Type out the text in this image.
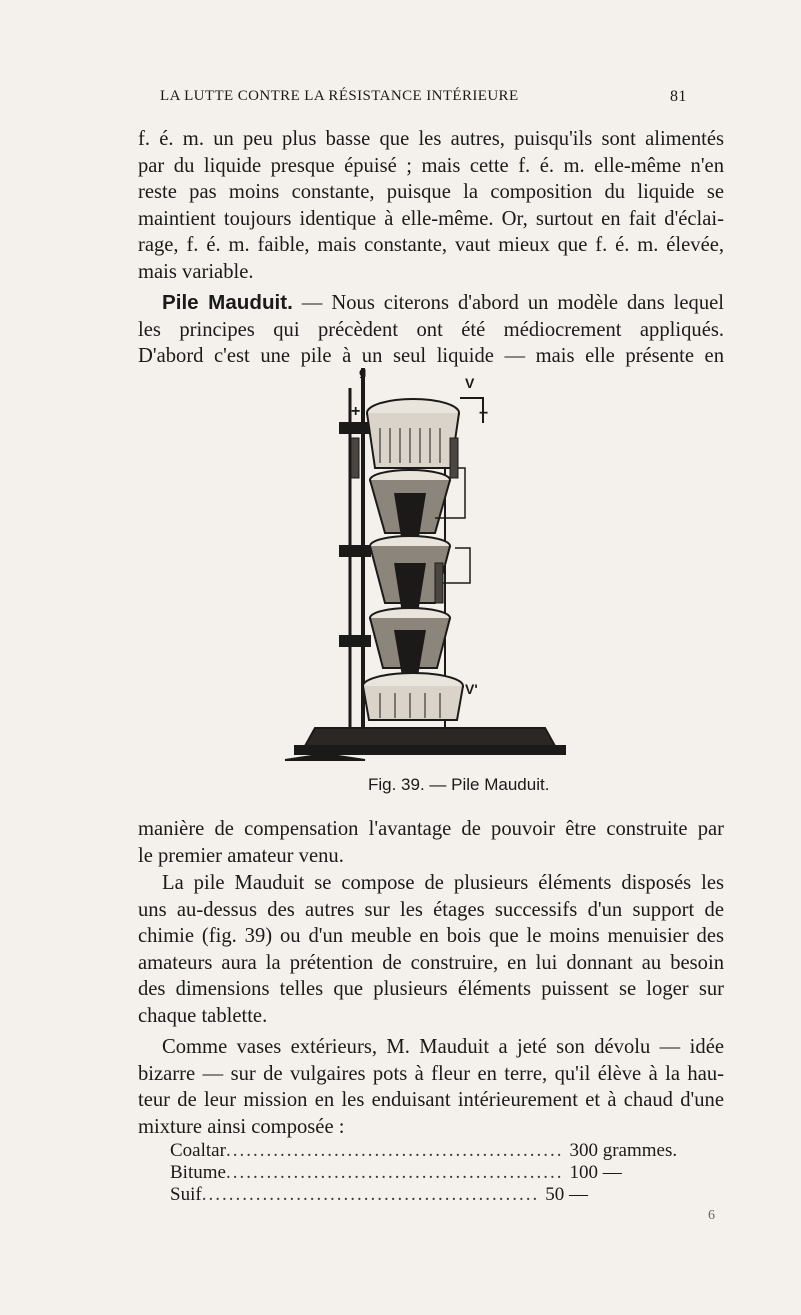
LA LUTTE CONTRE LA RÉSISTANCE INTÉRIEURE	81
f. é. m. un peu plus basse que les autres, puisqu'ils sont alimentés
par du liquide presque épuisé ; mais cette f. é. m. elle-même n'en
reste pas moins constante, puisque la composition du liquide se
maintient toujours identique à elle-même. Or, surtout en fait d'éclai-
rage, f. é. m. faible, mais constante, vaut mieux que f. é. m. élevée,
mais variable.
Pile Mauduit. — Nous citerons d'abord un modèle dans lequel
les principes qui précèdent ont été médiocrement appliqués.
D'abord c'est une pile à un seul liquide — mais elle présente en
g
+	−
V
V'
Fig. 39. — Pile Mauduit.
manière de compensation l'avantage de pouvoir être construite par
le premier amateur venu.
La pile Mauduit se compose de plusieurs éléments disposés les
uns au-dessus des autres sur les étages successifs d'un support de
chimie (fig. 39) ou d'un meuble en bois que le moins menuisier des
amateurs aura la prétention de construire, en lui donnant au besoin
des dimensions telles que plusieurs éléments puissent se loger sur
chaque tablette.
Comme vases extérieurs, M. Mauduit a jeté son dévolu — idée
bizarre — sur de vulgaires pots à fleur en terre, qu'il élève à la hau-
teur de leur mission en les enduisant intérieurement et à chaud d'une
mixture ainsi composée :
Coaltar .................................................. 300 grammes.
Bitume .................................................. 100 —
Suif .................................................. 50 —
6
